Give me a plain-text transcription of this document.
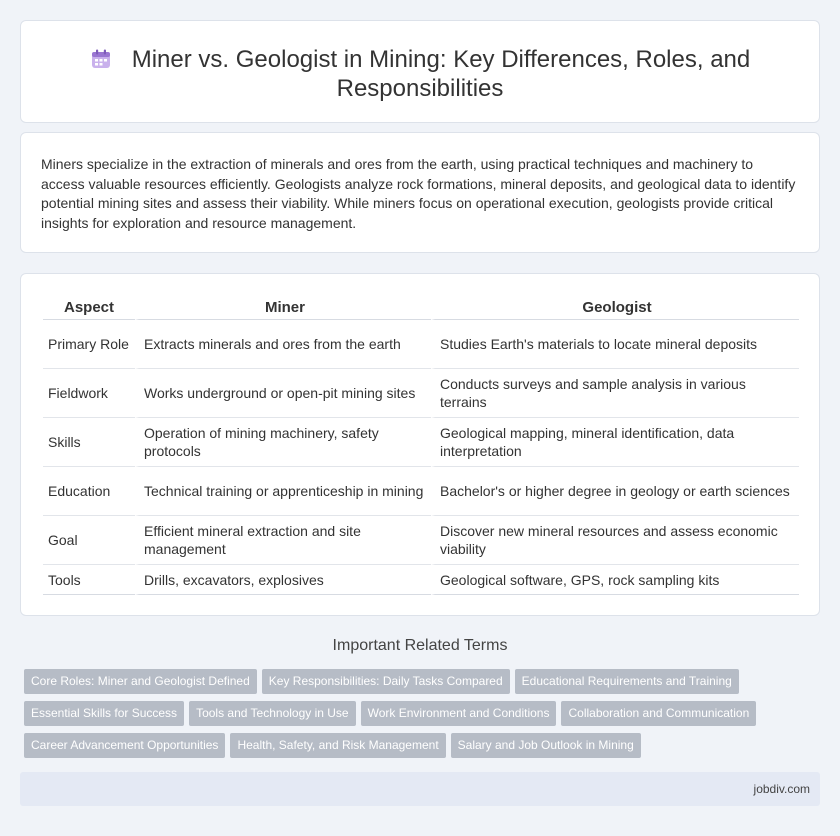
Miner vs. Geologist in Mining: Key Differences, Roles, and Responsibilities

Miners specialize in the extraction of minerals and ores from the earth, using practical techniques and machinery to access valuable resources efficiently. Geologists analyze rock formations, mineral deposits, and geological data to identify potential mining sites and assess their viability. While miners focus on operational execution, geologists provide critical insights for exploration and resource management.

Aspect	Miner	Geologist
Primary Role	Extracts minerals and ores from the earth	Studies Earth's materials to locate mineral deposits
Fieldwork	Works underground or open-pit mining sites	Conducts surveys and sample analysis in various terrains
Skills	Operation of mining machinery, safety protocols	Geological mapping, mineral identification, data interpretation
Education	Technical training or apprenticeship in mining	Bachelor's or higher degree in geology or earth sciences
Goal	Efficient mineral extraction and site management	Discover new mineral resources and assess economic viability
Tools	Drills, excavators, explosives	Geological software, GPS, rock sampling kits
Important Related Terms
Core Roles: Miner and Geologist Defined Key Responsibilities: Daily Tasks Compared Educational Requirements and Training
Essential Skills for Success Tools and Technology in Use Work Environment and Conditions Collaboration and Communication
Career Advancement Opportunities Health, Safety, and Risk Management Salary and Job Outlook in Mining
jobdiv.com
